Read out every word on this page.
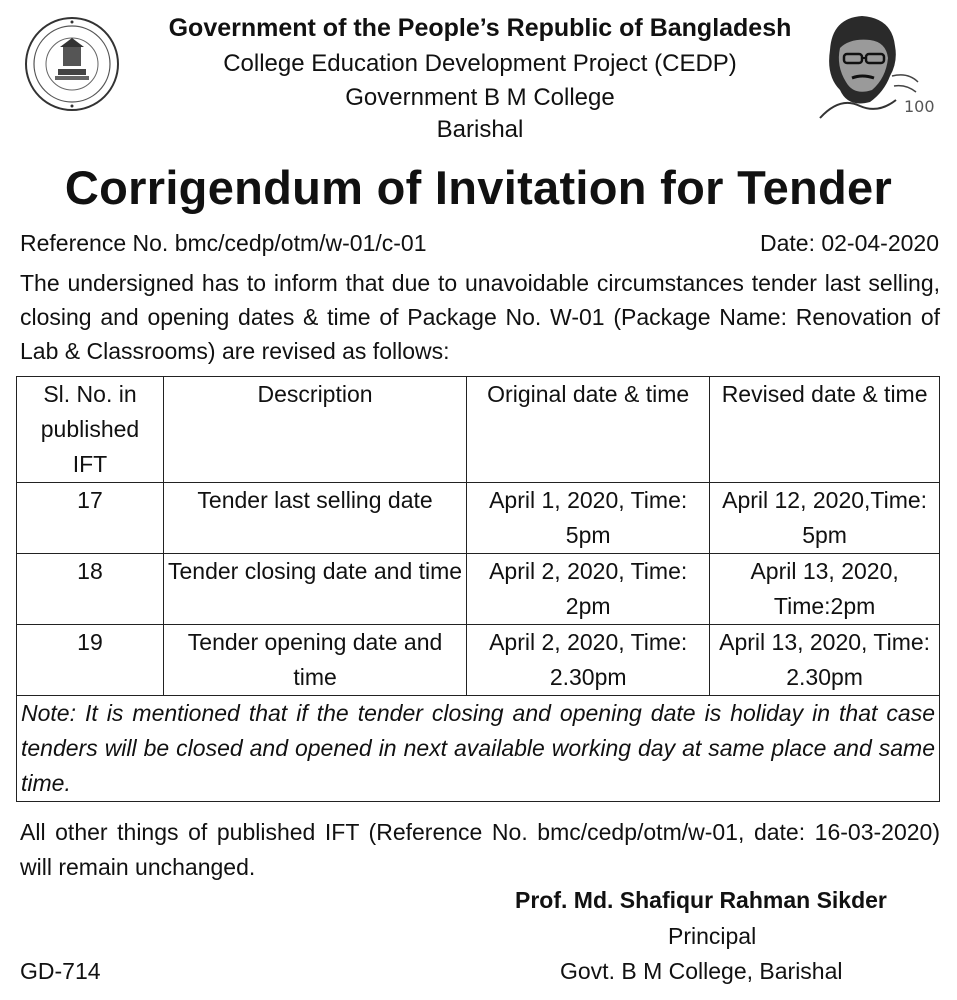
100
Government of the People’s Republic of Bangladesh
College Education Development Project (CEDP)
Government B M College
Barishal
Corrigendum of Invitation for Tender
Reference No. bmc/cedp/otm/w-01/c-01	Date: 02-04-2020
The undersigned has to inform that due to unavoidable circumstances tender last selling, closing and opening dates & time of Package No. W-01 (Package Name: Renovation of Lab & Classrooms) are revised as follows:
Sl. No. in published IFT	Description	Original date & time	Revised date & time
17	Tender last selling date	April 1, 2020, Time: 5pm	April 12, 2020,Time: 5pm
18	Tender closing date and time	April 2, 2020, Time: 2pm	April 13, 2020, Time:2pm
19	Tender opening date and time	April 2, 2020, Time: 2.30pm	April 13, 2020, Time: 2.30pm
Note: It is mentioned that if the tender closing and opening date is holiday in that case tenders will be closed and opened in next available working day at same place and same time.			
All other things of published IFT (Reference No. bmc/cedp/otm/w-01, date: 16-03-2020) will remain unchanged.
Prof. Md. Shafiqur Rahman Sikder
Principal
Govt. B M College, Barishal
GD-714
